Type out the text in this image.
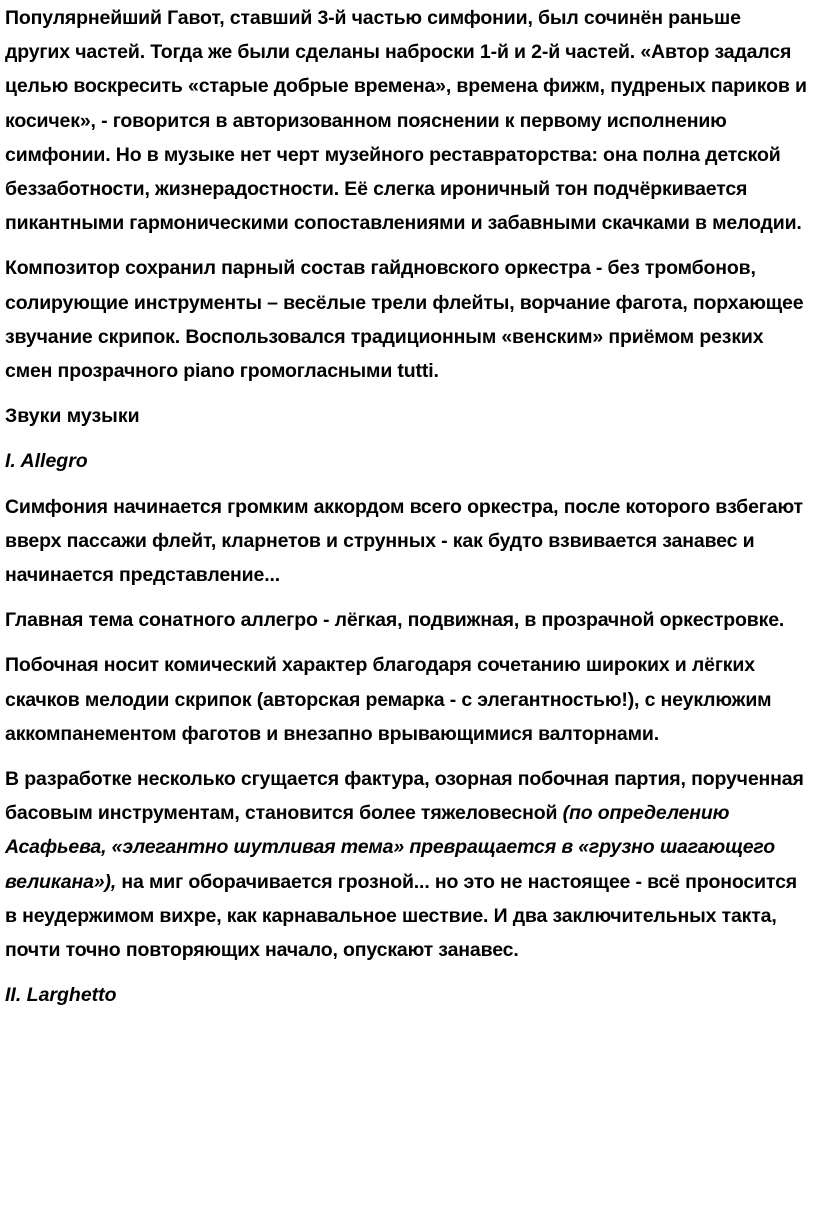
Популярнейший Гавот, ставший 3-й частью симфонии, был сочинён раньше других частей. Тогда же были сделаны наброски 1-й и 2-й частей. «Автор задался целью воскресить «старые добрые времена», времена фижм, пудреных париков и косичек», - говорится в авторизованном пояснении к первому исполнению симфонии. Но в музыке нет черт музейного реставраторства: она полна детской беззаботности, жизнерадостности. Её слегка ироничный тон подчёркивается пикантными гармоническими сопоставлениями и забавными скачками в мелодии.

Композитор сохранил парный состав гайдновского оркестра - без тромбонов, солирующие инструменты – весёлые трели флейты, ворчание фагота, порхающее звучание скрипок. Воспользовался традиционным «венским» приёмом резких смен прозрачного piano громогласными tutti.

Звуки музыки

I. Allegro

Симфония начинается громким аккордом всего оркестра, после которого взбегают вверх пассажи флейт, кларнетов и струнных - как будто взвивается занавес и начинается представление...

Главная тема сонатного аллегро - лёгкая, подвижная, в прозрачной оркестровке.

Побочная носит комический характер благодаря сочетанию широких и лёгких скачков мелодии скрипок (авторская ремарка - с элегантностью!), с неуклюжим аккомпанементом фаготов и внезапно врывающимися валторнами.

В разработке несколько сгущается фактура, озорная побочная партия, порученная басовым инструментам, становится более тяжеловесной (по определению Асафьева, «элегантно шутливая тема» превращается в «грузно шагающего великана»), на миг оборачивается грозной... но это не настоящее - всё проносится в неудержимом вихре, как карнавальное шествие. И два заключительных такта, почти точно повторяющих начало, опускают занавес.

II. Larghetto
